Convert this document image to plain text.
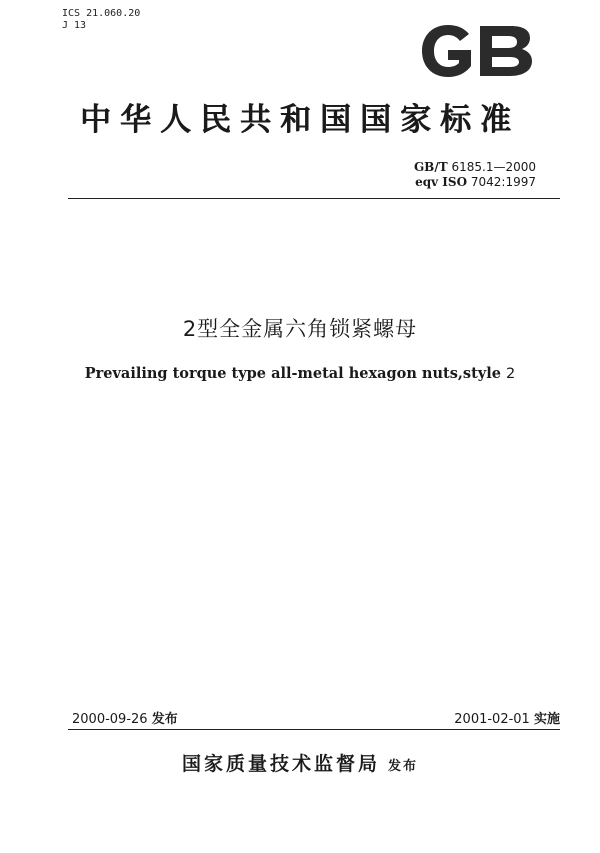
ICS 21.060.20
J 13
中华人民共和国国家标准
GB/T 6185.1—2000
eqv ISO 7042:1997
2型全金属六角锁紧螺母
Prevailing torque type all-metal hexagon nuts,style 2
2000-09-26 发布	2001-02-01 实施
国家质量技术监督局 发布
